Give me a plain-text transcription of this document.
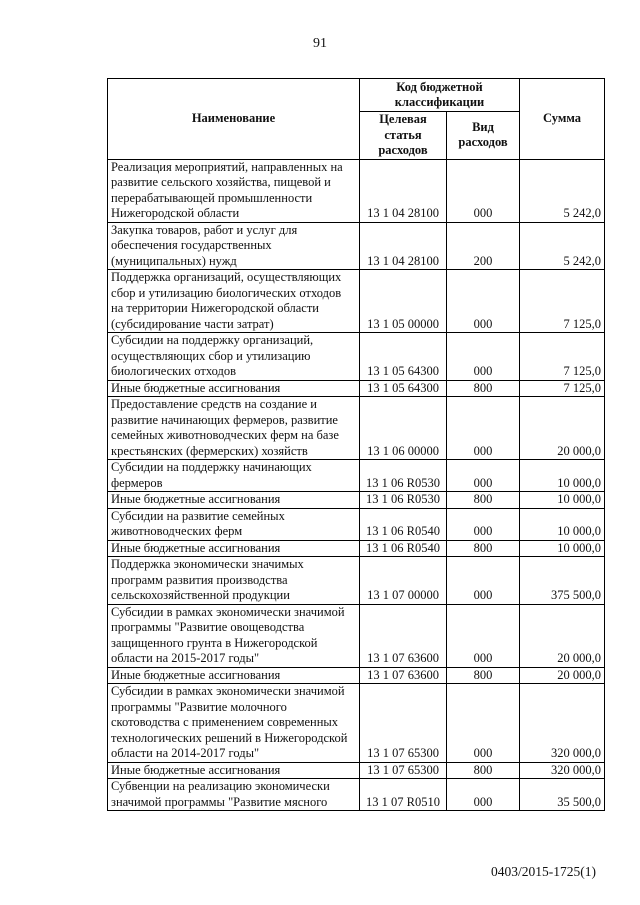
91
Наименование	Код бюджетной классификации		Сумма
	Целевая статья расходов	Вид расходов	
Реализация мероприятий, направленных на развитие сельского хозяйства, пищевой и перерабатывающей промышленности Нижегородской области	13 1 04 28100	000	5 242,0
Закупка товаров, работ и услуг для обеспечения государственных (муниципальных) нужд	13 1 04 28100	200	5 242,0
Поддержка организаций, осуществляющих сбор и утилизацию биологических отходов на территории Нижегородской области (субсидирование части затрат)	13 1 05 00000	000	7 125,0
Субсидии на поддержку организаций, осуществляющих сбор и утилизацию биологических отходов	13 1 05 64300	000	7 125,0
Иные бюджетные ассигнования	13 1 05 64300	800	7 125,0
Предоставление средств на создание и развитие начинающих фермеров, развитие семейных животноводческих ферм на базе крестьянских (фермерских) хозяйств	13 1 06 00000	000	20 000,0
Субсидии на поддержку начинающих фермеров	13 1 06 R0530	000	10 000,0
Иные бюджетные ассигнования	13 1 06 R0530	800	10 000,0
Субсидии на развитие семейных животноводческих ферм	13 1 06 R0540	000	10 000,0
Иные бюджетные ассигнования	13 1 06 R0540	800	10 000,0
Поддержка экономически значимых программ развития производства сельскохозяйственной продукции	13 1 07 00000	000	375 500,0
Субсидии в рамках экономически значимой программы "Развитие овощеводства защищенного грунта в Нижегородской области на 2015-2017 годы"	13 1 07 63600	000	20 000,0
Иные бюджетные ассигнования	13 1 07 63600	800	20 000,0
Субсидии в рамках экономически значимой программы "Развитие молочного скотоводства с применением современных технологических решений в Нижегородской области на 2014-2017 годы"	13 1 07 65300	000	320 000,0
Иные бюджетные ассигнования	13 1 07 65300	800	320 000,0
Субвенции на реализацию экономически значимой программы "Развитие мясного	13 1 07 R0510	000	35 500,0
0403/2015-1725(1)
